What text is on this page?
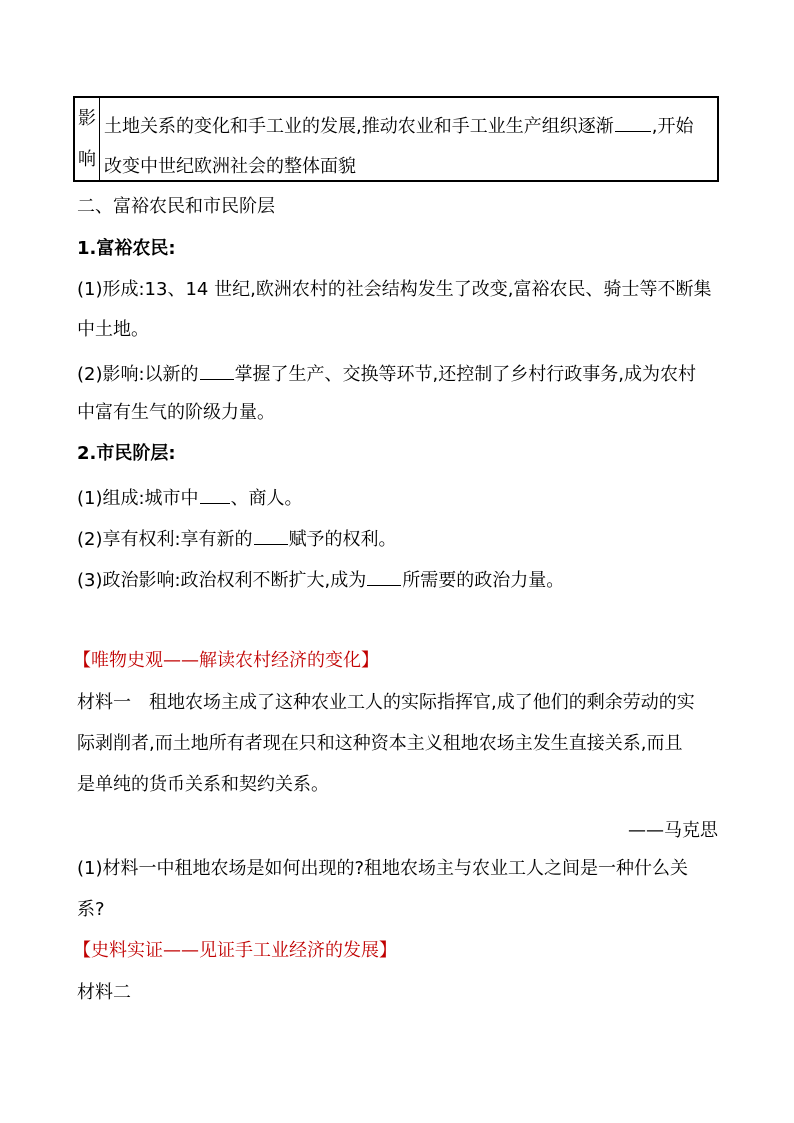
影
响
土地关系的变化和手工业的发展,推动农业和手工业生产组织逐渐 ,开始
改变中世纪欧洲社会的整体面貌
二、富裕农民和市民阶层
1.富裕农民:
(1)形成:13、14 世纪,欧洲农村的社会结构发生了改变,富裕农民、骑士等不断集
中土地。
(2)影响:以新的 掌握了生产、交换等环节,还控制了乡村行政事务,成为农村
中富有生气的阶级力量。
2.市民阶层:
(1)组成:城市中 、商人。
(2)享有权利:享有新的 赋予的权利。
(3)政治影响:政治权利不断扩大,成为 所需要的政治力量。
【唯物史观——解读农村经济的变化】
材料一　租地农场主成了这种农业工人的实际指挥官,成了他们的剩余劳动的实
际剥削者,而土地所有者现在只和这种资本主义租地农场主发生直接关系,而且
是单纯的货币关系和契约关系。
——马克思
(1)材料一中租地农场是如何出现的?租地农场主与农业工人之间是一种什么关
系?
【史料实证——见证手工业经济的发展】
材料二
